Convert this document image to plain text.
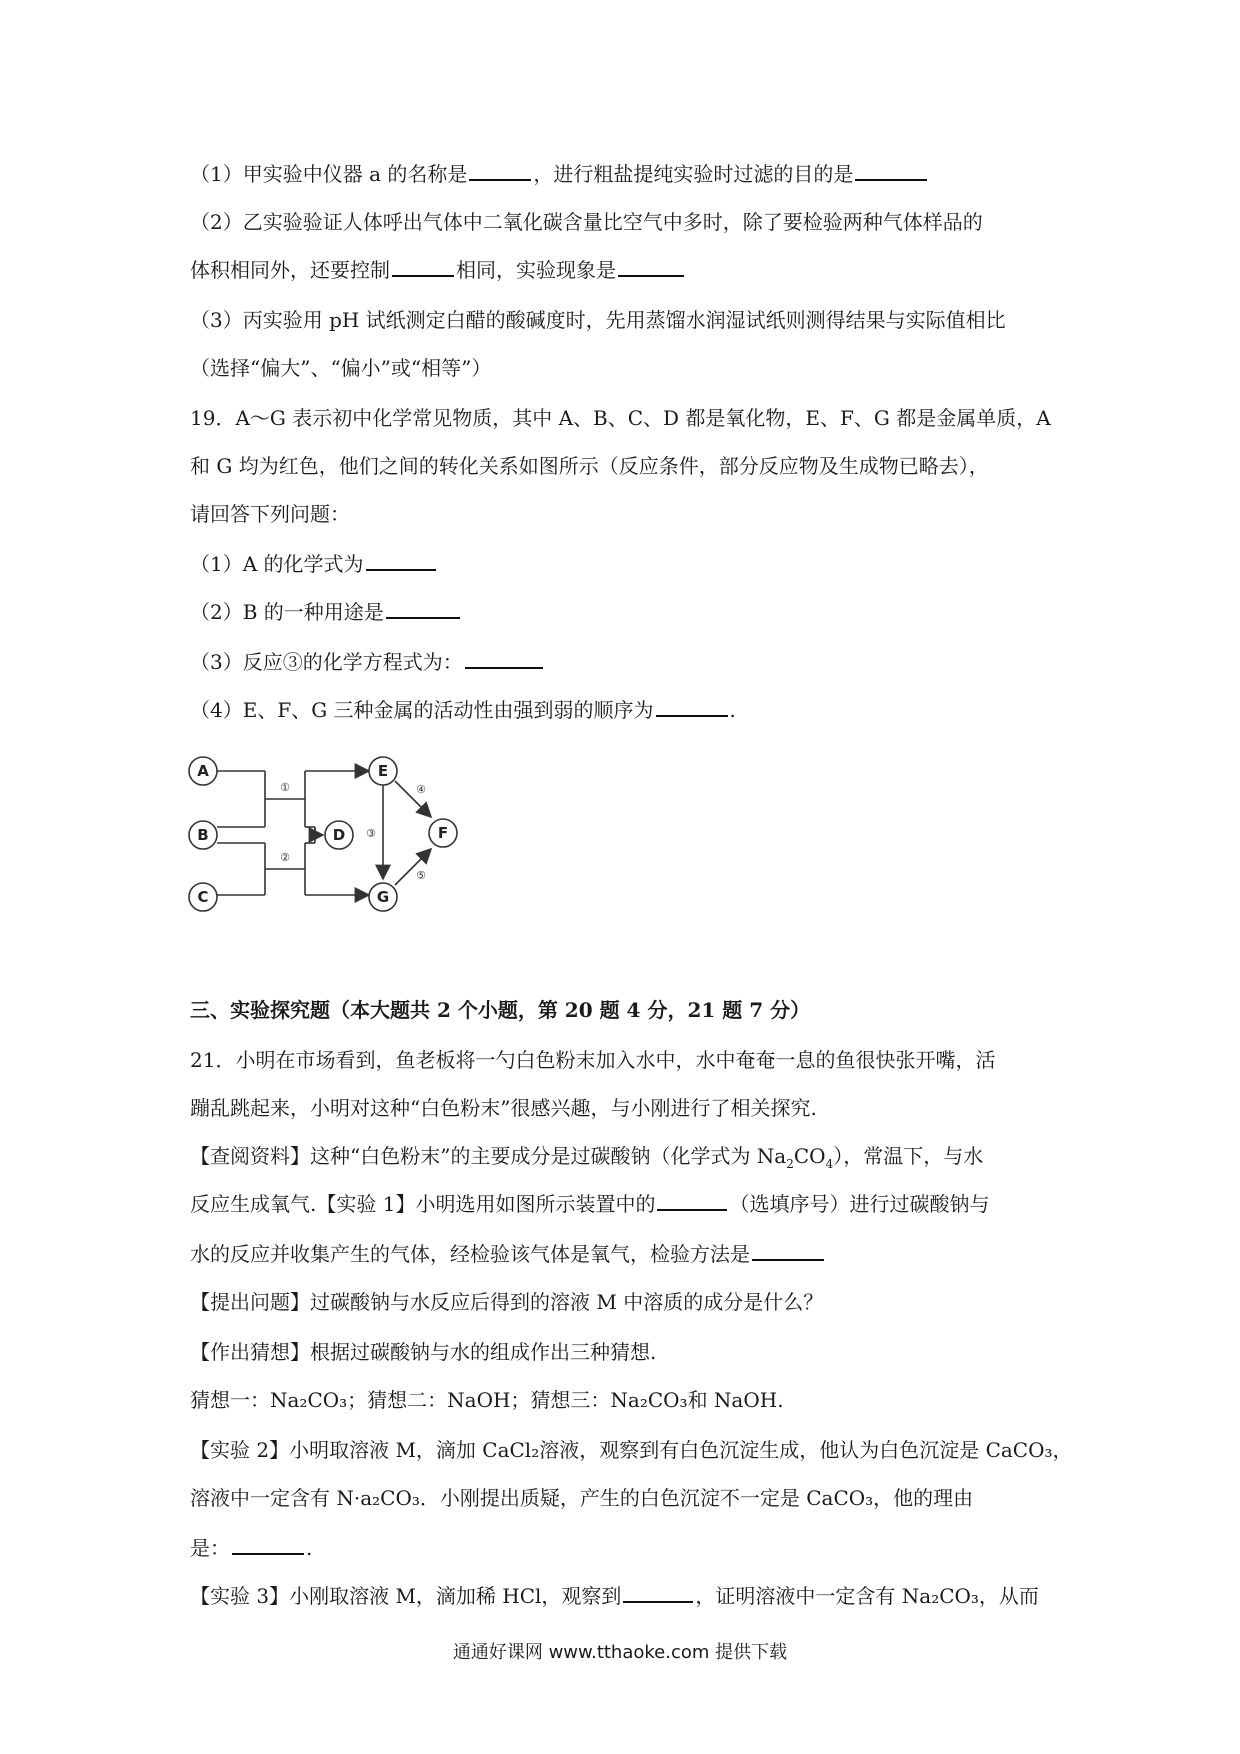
（1）甲实验中仪器 a 的名称是	，进行粗盐提纯实验时过滤的目的是
（2）乙实验验证人体呼出气体中二氧化碳含量比空气中多时，除了要检验两种气体样品的
体积相同外，还要控制	相同，实验现象是
（3）丙实验用 pH 试纸测定白醋的酸碱度时，先用蒸馏水润湿试纸则测得结果与实际值相比
（选择“偏大”、“偏小”或“相等”）
19．A～G 表示初中化学常见物质，其中 A、B、C、D 都是氧化物，E、F、G 都是金属单质，A
和 G 均为红色，他们之间的转化关系如图所示（反应条件，部分反应物及生成物已略去），
请回答下列问题：
（1）A 的化学式为
（2）B 的一种用途是
（3）反应③的化学方程式为：
（4）E、F、G 三种金属的活动性由强到弱的顺序为	.
A
B
C
D
E
F
G
①
②
③
④
⑤
三、实验探究题（本大题共 2 个小题，第 20 题 4 分，21 题 7 分）
21．小明在市场看到，鱼老板将一勺白色粉末加入水中，水中奄奄一息的鱼很快张开嘴，活
蹦乱跳起来，小明对这种“白色粉末”很感兴趣，与小刚进行了相关探究.
【查阅资料】这种“白色粉末”的主要成分是过碳酸钠（化学式为 $Na_2CO_4$），常温下，与水
反应生成氧气.【实验 1】小明选用如图所示装置中的	（选填序号）进行过碳酸钠与
水的反应并收集产生的气体，经检验该气体是氧气，检验方法是
【提出问题】过碳酸钠与水反应后得到的溶液 M 中溶质的成分是什么？
【作出猜想】根据过碳酸钠与水的组成作出三种猜想.
猜想一：Na₂CO₃；猜想二：NaOH；猜想三：Na₂CO₃和 NaOH.
【实验 2】小明取溶液 M，滴加 CaCl₂溶液，观察到有白色沉淀生成，他认为白色沉淀是 CaCO₃，
溶液中一定含有 N·a₂CO₃．小刚提出质疑，产生的白色沉淀不一定是 CaCO₃，他的理由
是：	.
【实验 3】小刚取溶液 M，滴加稀 HCl，观察到	，证明溶液中一定含有 Na₂CO₃，从而
通通好课网 www.tthaoke.com 提供下载
